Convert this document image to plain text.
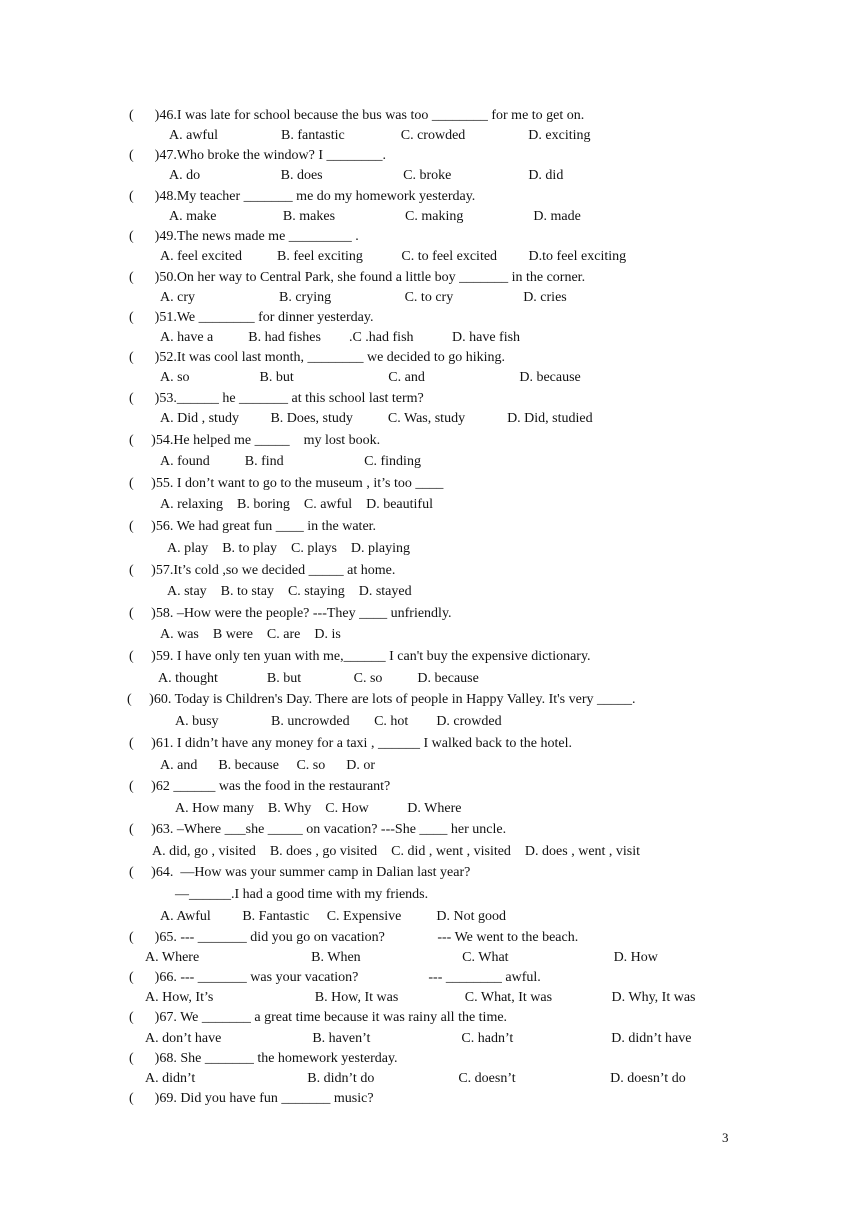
(      )46.I was late for school because the bus was too ________ for me to get on.
A. awful                  B. fantastic                C. crowded                  D. exciting
(      )47.Who broke the window? I ________.
A. do                       B. does                       C. broke                      D. did
(      )48.My teacher _______ me do my homework yesterday.
A. make                   B. makes                    C. making                    D. made
(      )49.The news made me _________ .
A. feel excited          B. feel exciting           C. to feel excited         D.to feel exciting
(      )50.On her way to Central Park, she found a little boy _______ in the corner.
A. cry                        B. crying                     C. to cry                    D. cries
(      )51.We ________ for dinner yesterday.
A. have a          B. had fishes        .C .had fish           D. have fish
(      )52.It was cool last month, ________ we decided to go hiking.
A. so                    B. but                           C. and                           D. because
(      )53.______ he _______ at this school last term?
A. Did , study         B. Does, study          C. Was, study            D. Did, studied
(     )54.He helped me _____    my lost book.
A. found          B. find                       C. finding
(     )55. I don’t want to go to the museum , it’s too ____
A. relaxing    B. boring    C. awful    D. beautiful
(     )56. We had great fun ____ in the water.
A. play    B. to play    C. plays    D. playing
(     )57.It’s cold ,so we decided _____ at home.
A. stay    B. to stay    C. staying    D. stayed
(     )58. –How were the people? ---They ____ unfriendly.
A. was    B were    C. are    D. is
(     )59. I have only ten yuan with me,______ I can't buy the expensive dictionary.
A. thought              B. but               C. so          D. because
(     )60. Today is Children's Day. There are lots of people in Happy Valley. It's very _____.
A. busy               B. uncrowded       C. hot        D. crowded
(     )61. I didn’t have any money for a taxi , ______ I walked back to the hotel.
A. and      B. because     C. so      D. or
(     )62 ______ was the food in the restaurant?
A. How many    B. Why    C. How           D. Where
(     )63. –Where ___she _____ on vacation? ---She ____ her uncle.
A. did, go , visited    B. does , go visited    C. did , went , visited    D. does , went , visit
(     )64.  —How was your summer camp in Dalian last year?
—______.I had a good time with my friends.
A. Awful         B. Fantastic     C. Expensive          D. Not good
(      )65. --- _______ did you go on vacation?               --- We went to the beach.
A. Where                                B. When                             C. What                              D. How
(      )66. --- _______ was your vacation?                    --- ________ awful.
A. How, It’s                             B. How, It was                   C. What, It was                 D. Why, It was
(      )67. We _______ a great time because it was rainy all the time.
A. don’t have                          B. haven’t                          C. hadn’t                            D. didn’t have
(      )68. She _______ the homework yesterday.
A. didn’t                                B. didn’t do                        C. doesn’t                           D. doesn’t do
(      )69. Did you have fun _______ music?
3
